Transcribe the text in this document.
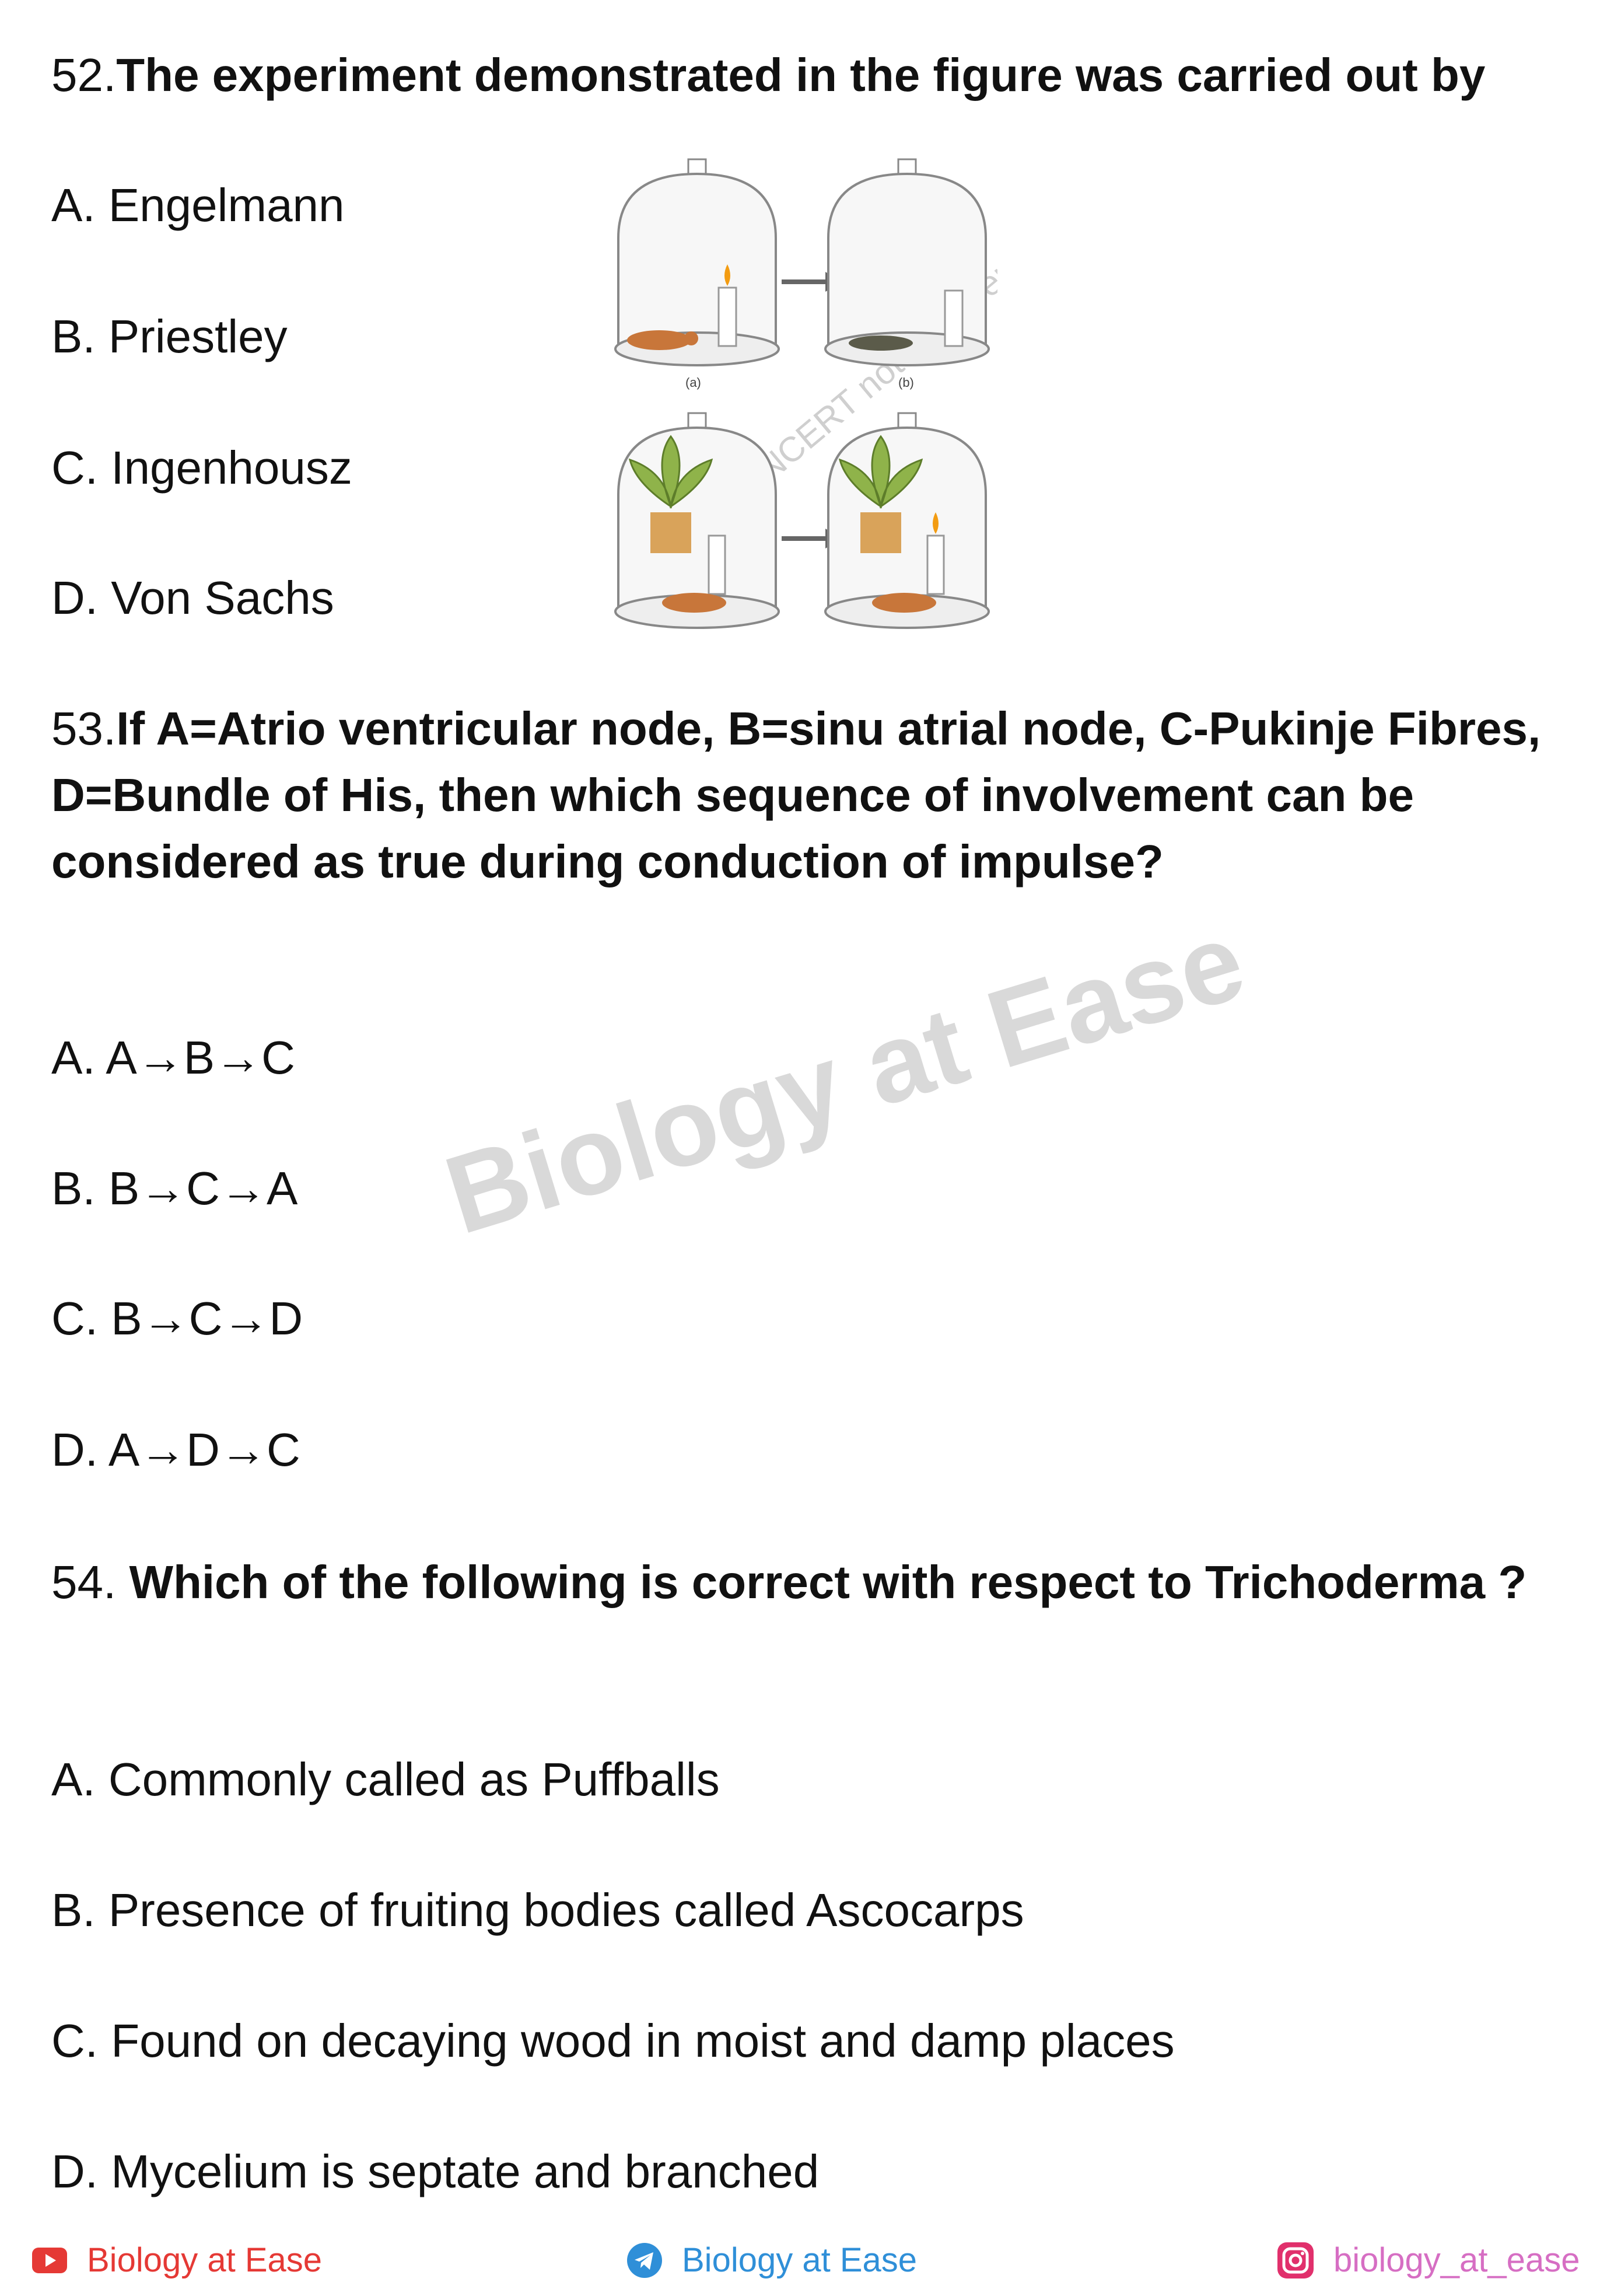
52.The experiment demonstrated in the figure was carried out by

A. Engelmann

B. Priestley

C. Ingenhousz

D. Von Sachs

NCERT not
(a)	(b)

53.If A=Atrio ventricular node, B=sinu atrial node, C-Pukinje Fibres, D=Bundle of His, then which sequence of involvement can be considered as true during conduction of impulse?

A. A→B→C

B. B→C→A

C. B→C→D

D. A→D→C

Biology at Ease

54. Which of the following is correct with respect to Trichoderma ?

A. Commonly called as Puffballs

B. Presence of fruiting bodies called Ascocarps

C. Found on decaying wood in moist and damp places

D. Mycelium is septate and branched

Biology at Ease	Biology at Ease	biology_at_ease
